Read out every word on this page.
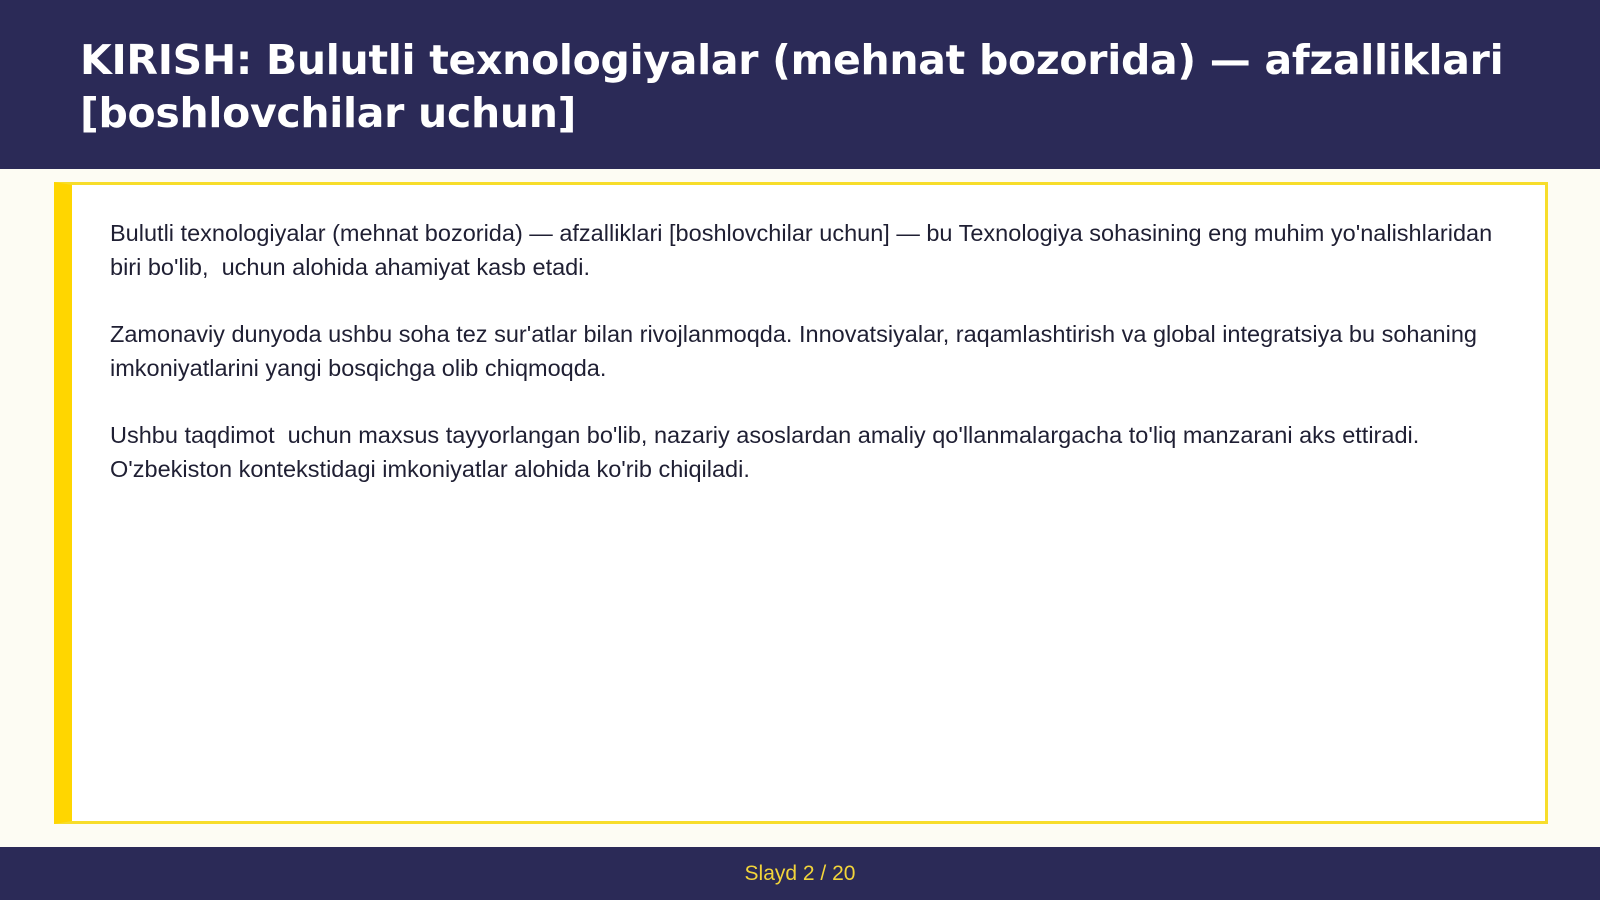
KIRISH: Bulutli texnologiyalar (mehnat bozorida) — afzalliklari [boshlovchilar uchun]

Bulutli texnologiyalar (mehnat bozorida) — afzalliklari [boshlovchilar uchun] — bu Texnologiya sohasining eng muhim yo'nalishlaridan biri bo'lib,  uchun alohida ahamiyat kasb etadi.

Zamonaviy dunyoda ushbu soha tez sur'atlar bilan rivojlanmoqda. Innovatsiyalar, raqamlashtirish va global integratsiya bu sohaning imkoniyatlarini yangi bosqichga olib chiqmoqda.

Ushbu taqdimot  uchun maxsus tayyorlangan bo'lib, nazariy asoslardan amaliy qo'llanmalargacha to'liq manzarani aks ettiradi. O'zbekiston kontekstidagi imkoniyatlar alohida ko'rib chiqiladi.

Slayd 2 / 20
